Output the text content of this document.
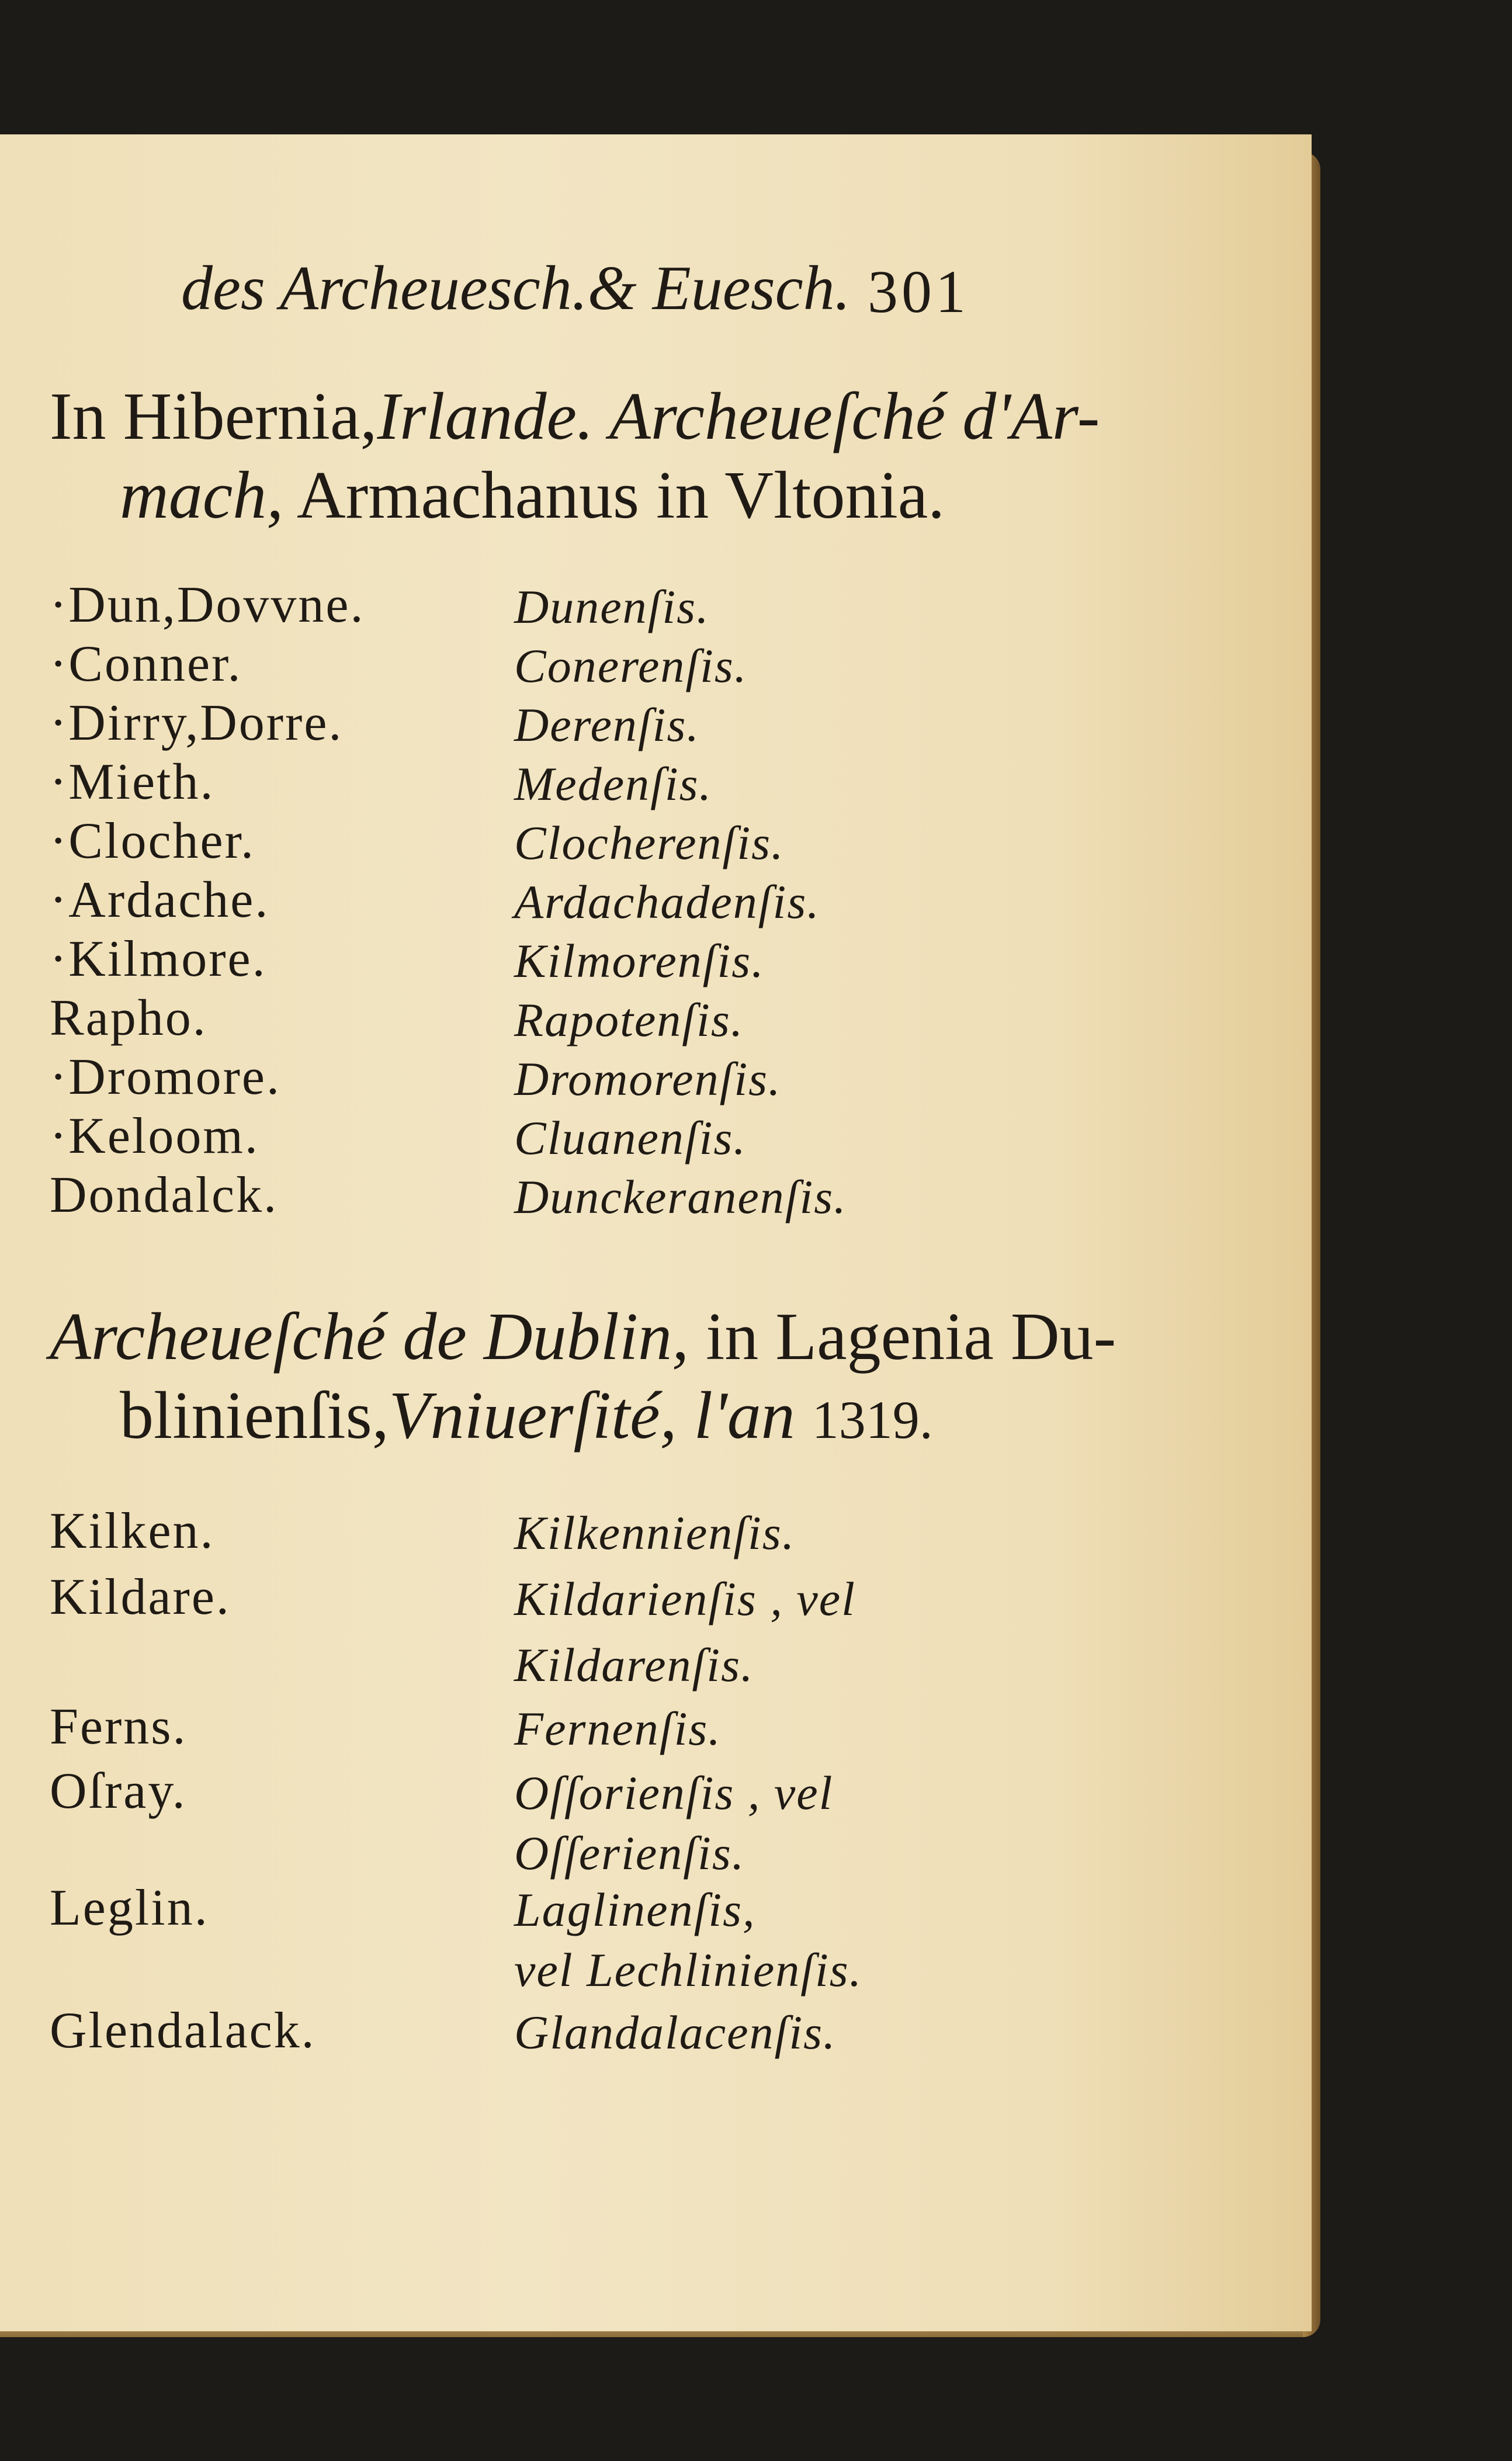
des Archeuesch.& Euesch. 301
In Hibernia,Irlande. Archeueſché d'Ar-
mach, Armachanus in Vltonia.
·Dun,Dovvne.	Dunenſis.
·Conner.	Conerenſis.
·Dirry,Dorre.	Derenſis.
·Mieth.	Medenſis.
·Clocher.	Clocherenſis.
·Ardache.	Ardachadenſis.
·Kilmore.	Kilmorenſis.
Rapho.	Rapotenſis.
·Dromore.	Dromorenſis.
·Keloom.	Cluanenſis.
Dondalck.	Dunckeranenſis.
Archeueſché de Dublin, in Lagenia Du-
blinienſis,Vniuerſité, l'an 1319.
Kilken.	Kilkennienſis.
Kildare.	Kildarienſis , vel
Kildarenſis.
Ferns.	Fernenſis.
Oſray.	Oſſorienſis , vel
Oſſerienſis.
Leglin.	Laglinenſis,
vel Lechlinienſis.
Glendalack.	Glandalacenſis.
